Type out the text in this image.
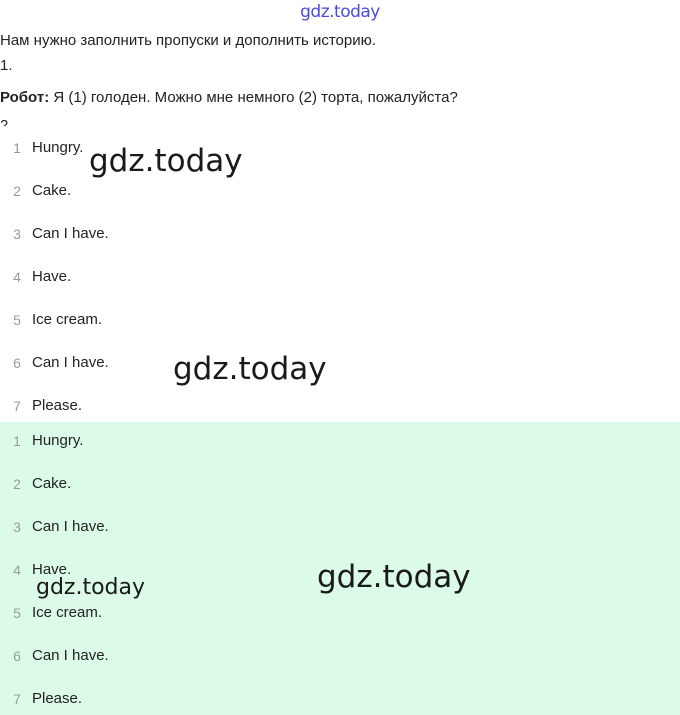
gdz.today
Нам нужно заполнить пропуски и дополнить историю.
1.
Робот: Я (1) голоден. Можно мне немного (2) торта, пожалуйста?
1 Hungry.
2 Cake.
3 Can I have.
4 Have.
5 Ice cream.
6 Can I have.
7 Please.
1 Hungry.
2 Cake.
3 Can I have.
4 Have.
5 Ice cream.
6 Can I have.
7 Please.
gdz.today
gdz.today
gdz.today
gdz.today
